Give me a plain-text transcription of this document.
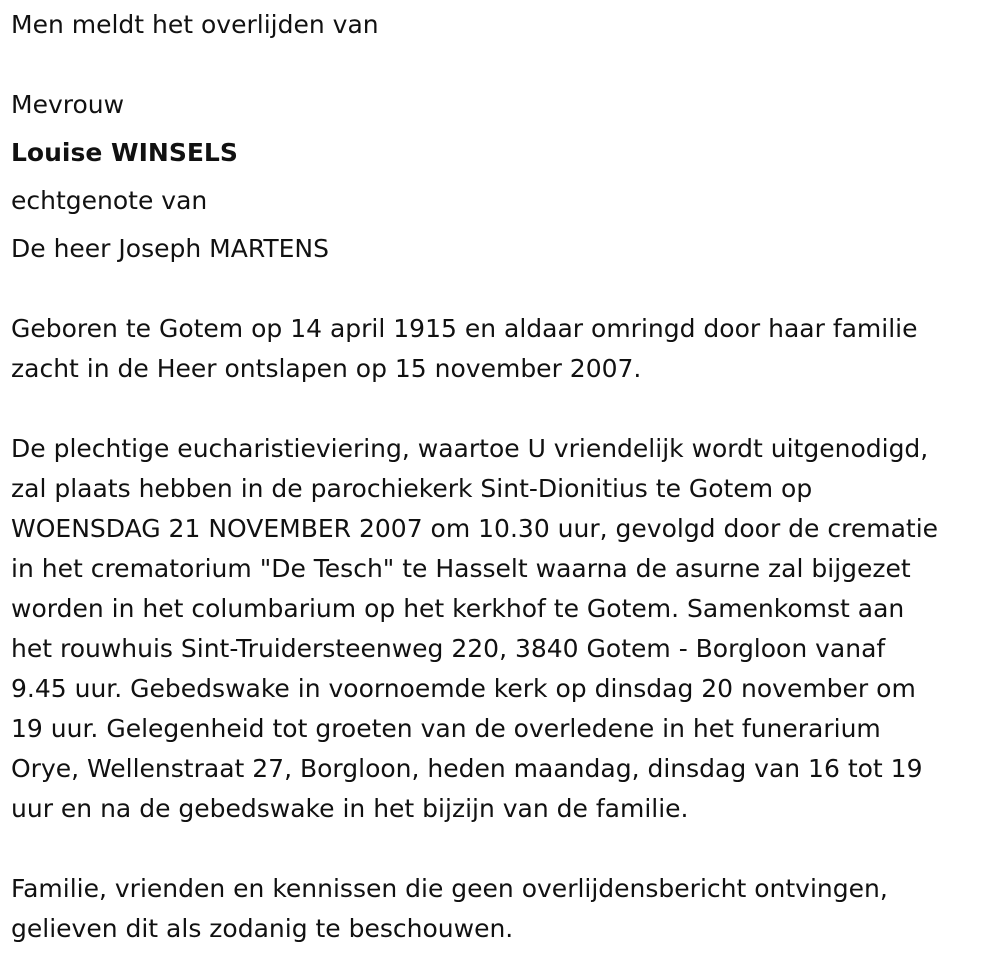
Men meldt het overlijden van
Mevrouw
Louise WINSELS
echtgenote van
De heer Joseph MARTENS
Geboren te Gotem op 14 april 1915 en aldaar omringd door haar familie
zacht in de Heer ontslapen op 15 november 2007.
De plechtige eucharistieviering, waartoe U vriendelijk wordt uitgenodigd,
zal plaats hebben in de parochiekerk Sint-Dionitius te Gotem op
WOENSDAG 21 NOVEMBER 2007 om 10.30 uur, gevolgd door de crematie
in het crematorium "De Tesch" te Hasselt waarna de asurne zal bijgezet
worden in het columbarium op het kerkhof te Gotem. Samenkomst aan
het rouwhuis Sint-Truidersteenweg 220, 3840 Gotem - Borgloon vanaf
9.45 uur. Gebedswake in voornoemde kerk op dinsdag 20 november om
19 uur. Gelegenheid tot groeten van de overledene in het funerarium
Orye, Wellenstraat 27, Borgloon, heden maandag, dinsdag van 16 tot 19
uur en na de gebedswake in het bijzijn van de familie.
Familie, vrienden en kennissen die geen overlijdensbericht ontvingen,
gelieven dit als zodanig te beschouwen.
